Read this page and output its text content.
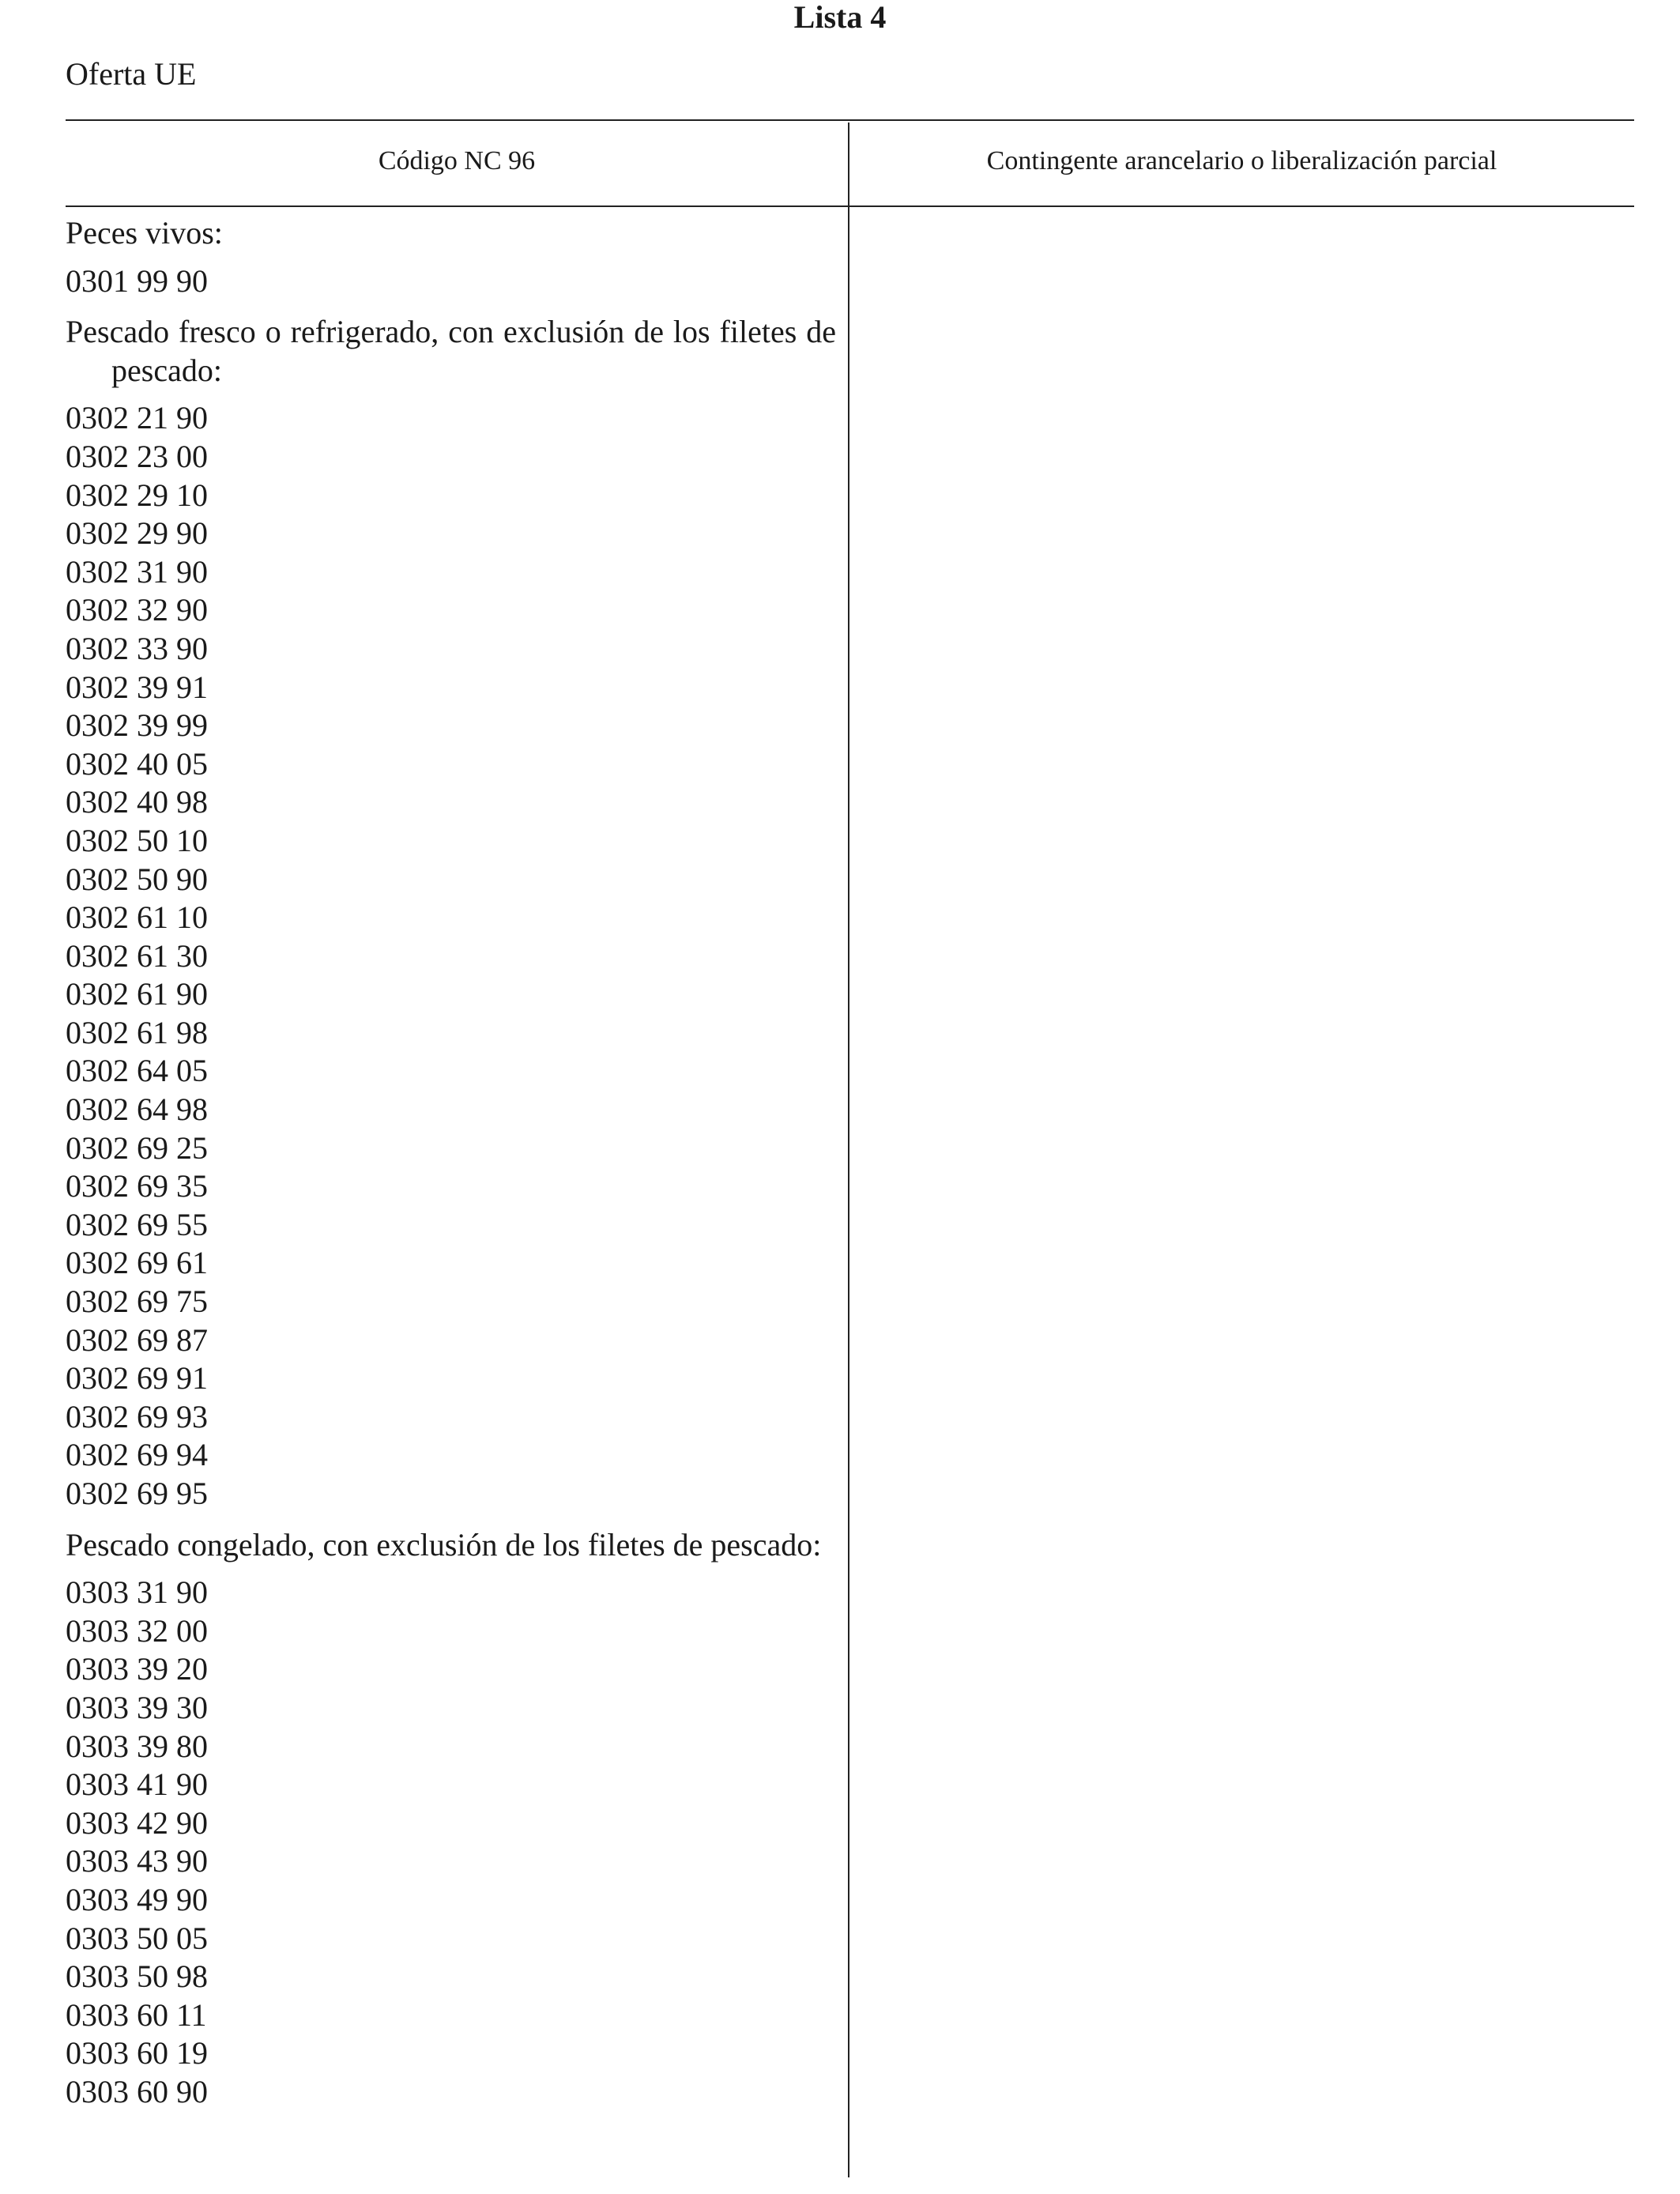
Lista 4
Oferta UE
Código NC 96	Contingente arancelario o liberalización parcial
Peces vivos:
0301 99 90
Pescado fresco o refrigerado, con exclusión de los filetes de pescado:
0302 21 90
0302 23 00
0302 29 10
0302 29 90
0302 31 90
0302 32 90
0302 33 90
0302 39 91
0302 39 99
0302 40 05
0302 40 98
0302 50 10
0302 50 90
0302 61 10
0302 61 30
0302 61 90
0302 61 98
0302 64 05
0302 64 98
0302 69 25
0302 69 35
0302 69 55
0302 69 61
0302 69 75
0302 69 87
0302 69 91
0302 69 93
0302 69 94
0302 69 95
Pescado congelado, con exclusión de los filetes de pescado:
0303 31 90
0303 32 00
0303 39 20
0303 39 30
0303 39 80
0303 41 90
0303 42 90
0303 43 90
0303 49 90
0303 50 05
0303 50 98
0303 60 11
0303 60 19
0303 60 90
